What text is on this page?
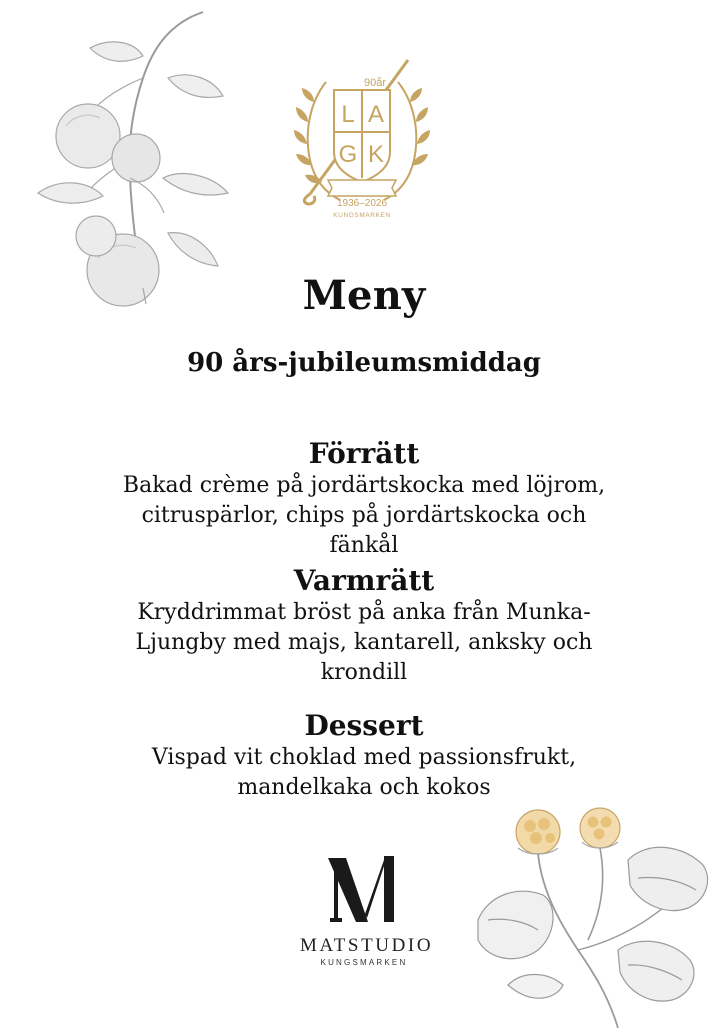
90år
L A
G K
1936–2026
KUNGSMARKEN
Meny
90 års-jubileumsmiddag
Förrätt
Bakad crème på jordärtskocka med löjrom,
citruspärlor, chips på jordärtskocka och fänkål
Varmrätt
Kryddrimmat bröst på anka från Munka-
Ljungby med majs, kantarell, anksky och
krondill
Dessert
Vispad vit choklad med passionsfrukt,
mandelkaka och kokos
MATSTUDIO
KUNGSMARKEN
